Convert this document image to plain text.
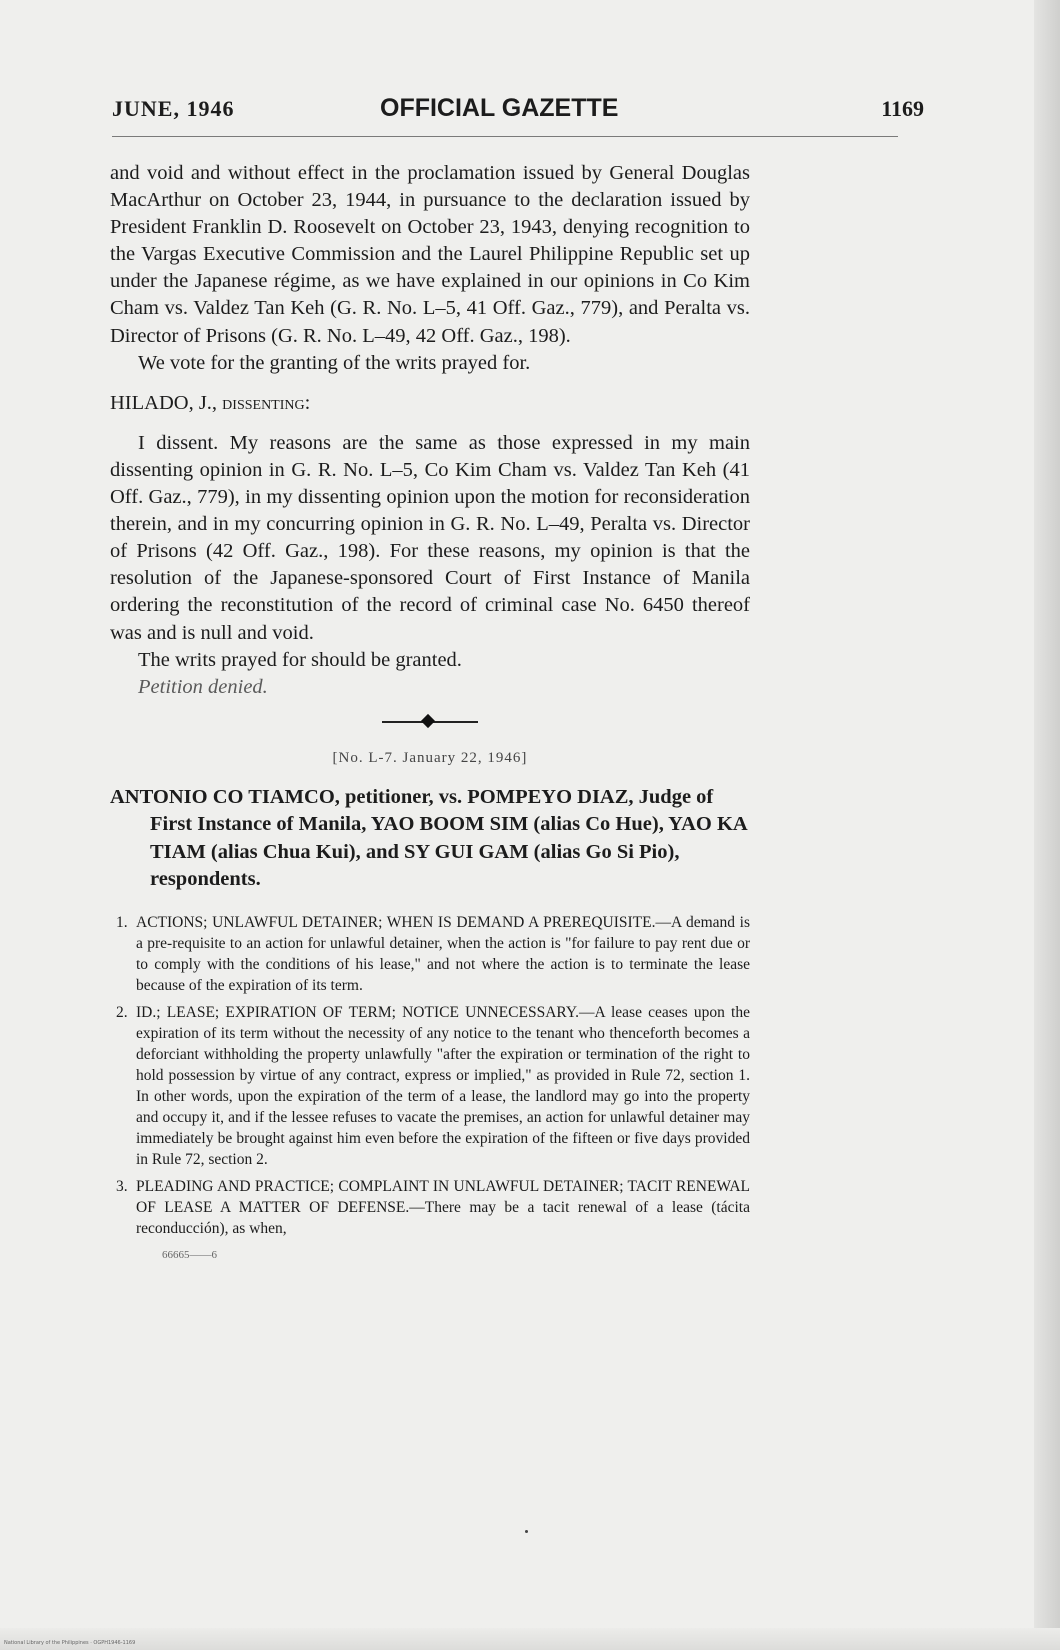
JUNE, 1946	OFFICIAL GAZETTE	1169

and void and without effect in the proclamation issued by General Douglas MacArthur on October 23, 1944, in pursuance to the declaration issued by President Franklin D. Roosevelt on October 23, 1943, denying recognition to the Vargas Executive Commission and the Laurel Philippine Republic set up under the Japanese régime, as we have explained in our opinions in Co Kim Cham vs. Valdez Tan Keh (G. R. No. L–5, 41 Off. Gaz., 779), and Peralta vs. Director of Prisons (G. R. No. L–49, 42 Off. Gaz., 198).

We vote for the granting of the writs prayed for.

HILADO, J., dissenting:

I dissent. My reasons are the same as those expressed in my main dissenting opinion in G. R. No. L–5, Co Kim Cham vs. Valdez Tan Keh (41 Off. Gaz., 779), in my dissenting opinion upon the motion for reconsideration therein, and in my concurring opinion in G. R. No. L–49, Peralta vs. Director of Prisons (42 Off. Gaz., 198). For these reasons, my opinion is that the resolution of the Japanese-sponsored Court of First Instance of Manila ordering the reconstitution of the record of criminal case No. 6450 thereof was and is null and void.

The writs prayed for should be granted.

Petition denied.

[No. L-7. January 22, 1946]

ANTONIO CO TIAMCO, petitioner, vs. POMPEYO DIAZ, Judge of First Instance of Manila, YAO BOOM SIM (alias Co Hue), YAO KA TIAM (alias Chua Kui), and SY GUI GAM (alias Go Si Pio), respondents.

1. ACTIONS; UNLAWFUL DETAINER; WHEN IS DEMAND A PREREQUISITE.—A demand is a pre-requisite to an action for unlawful detainer, when the action is "for failure to pay rent due or to comply with the conditions of his lease," and not where the action is to terminate the lease because of the expiration of its term.
2. ID.; LEASE; EXPIRATION OF TERM; NOTICE UNNECESSARY.—A lease ceases upon the expiration of its term without the necessity of any notice to the tenant who thenceforth becomes a deforciant withholding the property unlawfully "after the expiration or termination of the right to hold possession by virtue of any contract, express or implied," as provided in Rule 72, section 1. In other words, upon the expiration of the term of a lease, the landlord may go into the property and occupy it, and if the lessee refuses to vacate the premises, an action for unlawful detainer may immediately be brought against him even before the expiration of the fifteen or five days provided in Rule 72, section 2.
3. PLEADING AND PRACTICE; COMPLAINT IN UNLAWFUL DETAINER; TACIT RENEWAL OF LEASE A MATTER OF DEFENSE.—There may be a tacit renewal of a lease (tácita reconducción), as when,
66665——6
National Library of the Philippines · OGPH1946-1169
